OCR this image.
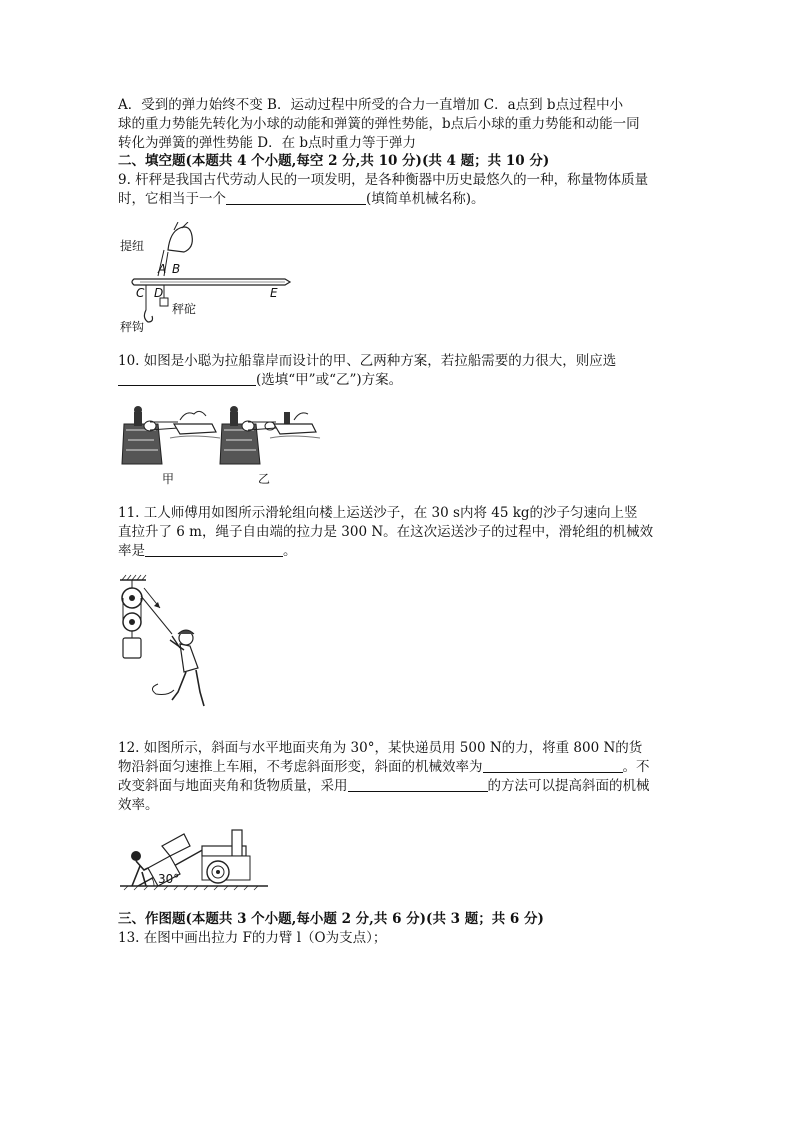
A．受到的弹力始终不变 B．运动过程中所受的合力一直增加 C．a点到 b点过程中小
球的重力势能先转化为小球的动能和弹簧的弹性势能，b点后小球的重力势能和动能一同
转化为弹簧的弹性势能 D．在 b点时重力等于弹力
二、填空题(本题共 4 个小题,每空 2 分,共 10 分)(共 4 题；共 10 分)
9. 杆秤是我国古代劳动人民的一项发明，是各种衡器中历史最悠久的一种，称量物体质量
时，它相当于一个	(填简单机械名称)。
提纽
A B
C D	E
秤砣
秤钩
10. 如图是小聪为拉船靠岸而设计的甲、乙两种方案，若拉船需要的力很大，则应选
(选填“甲”或“乙”)方案。
甲	乙
11. 工人师傅用如图所示滑轮组向楼上运送沙子，在 30 s内将 45 kg的沙子匀速向上竖
直拉升了 6 m，绳子自由端的拉力是 300 N。在这次运送沙子的过程中，滑轮组的机械效
率是	。
12. 如图所示，斜面与水平地面夹角为 30°，某快递员用 500 N的力，将重 800 N的货
物沿斜面匀速推上车厢，不考虑斜面形变，斜面的机械效率为	。不
改变斜面与地面夹角和货物质量，采用	的方法可以提高斜面的机械
效率。
30°
三、作图题(本题共 3 个小题,每小题 2 分,共 6 分)(共 3 题；共 6 分)
13. 在图中画出拉力 F的力臂 l（O为支点）；
